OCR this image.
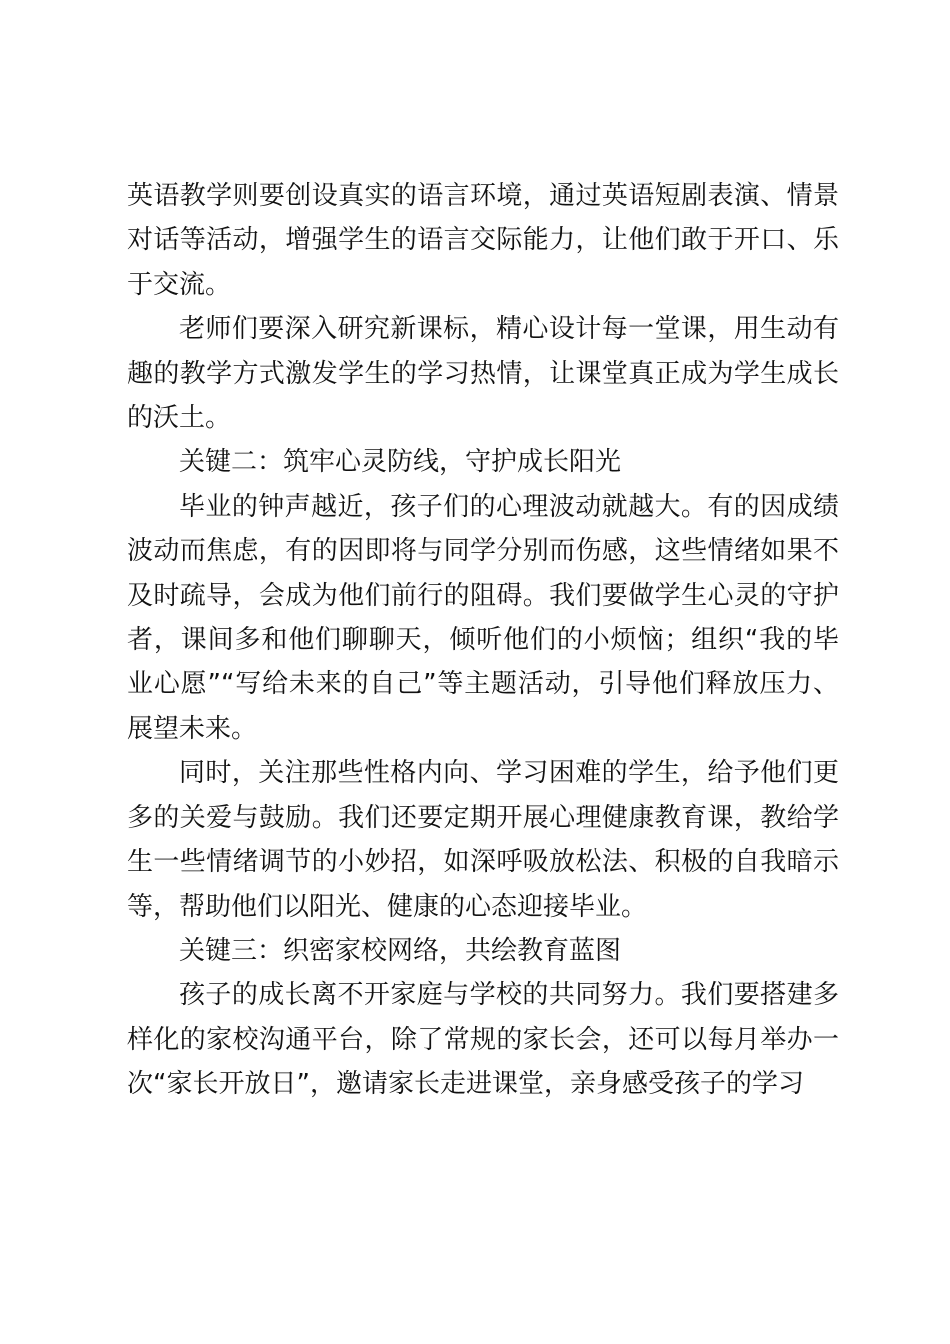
英语教学则要创设真实的语言环境，通过英语短剧表演、情景对话等活动，增强学生的语言交际能力，让他们敢于开口、乐于交流。

老师们要深入研究新课标，精心设计每一堂课，用生动有趣的教学方式激发学生的学习热情，让课堂真正成为学生成长的沃土。

关键二：筑牢心灵防线，守护成长阳光

毕业的钟声越近，孩子们的心理波动就越大。有的因成绩波动而焦虑，有的因即将与同学分别而伤感，这些情绪如果不及时疏导，会成为他们前行的阻碍。我们要做学生心灵的守护者，课间多和他们聊聊天，倾听他们的小烦恼；组织“我的毕业心愿”“写给未来的自己”等主题活动，引导他们释放压力、展望未来。

同时，关注那些性格内向、学习困难的学生，给予他们更多的关爱与鼓励。我们还要定期开展心理健康教育课，教给学生一些情绪调节的小妙招，如深呼吸放松法、积极的自我暗示等，帮助他们以阳光、健康的心态迎接毕业。

关键三：织密家校网络，共绘教育蓝图

孩子的成长离不开家庭与学校的共同努力。我们要搭建多样化的家校沟通平台，除了常规的家长会，还可以每月举办一次“家长开放日”，邀请家长走进课堂，亲身感受孩子的学习
